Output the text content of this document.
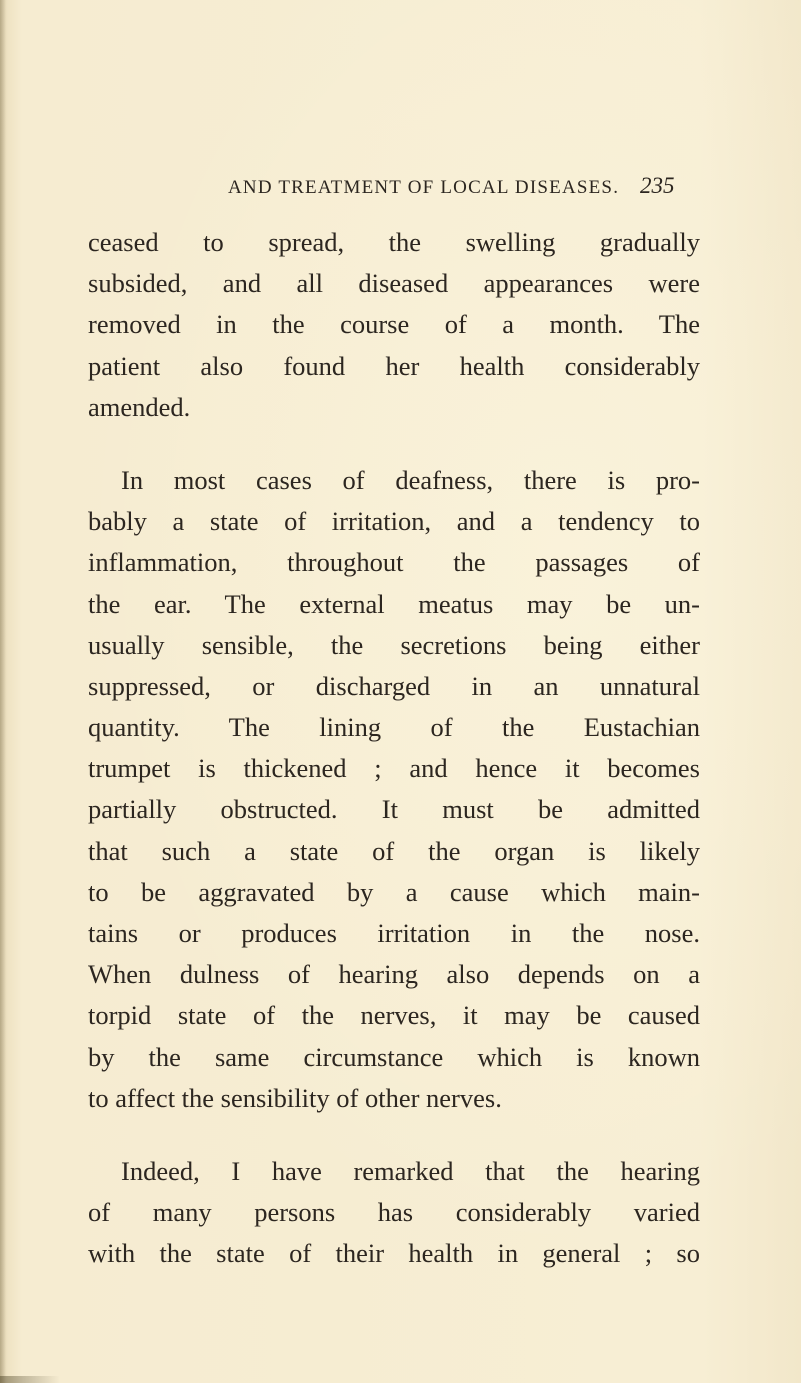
AND TREATMENT OF LOCAL DISEASES. 235
ceased to spread, the swelling gradually
subsided, and all diseased appearances were
removed in the course of a month. The
patient also found her health considerably
amended.
In most cases of deafness, there is pro-
bably a state of irritation, and a tendency to
inflammation, throughout the passages of
the ear. The external meatus may be un-
usually sensible, the secretions being either
suppressed, or discharged in an unnatural
quantity. The lining of the Eustachian
trumpet is thickened ; and hence it becomes
partially obstructed. It must be admitted
that such a state of the organ is likely
to be aggravated by a cause which main-
tains or produces irritation in the nose.
When dulness of hearing also depends on a
torpid state of the nerves, it may be caused
by the same circumstance which is known
to affect the sensibility of other nerves.
Indeed, I have remarked that the hearing
of many persons has considerably varied
with the state of their health in general ; so
